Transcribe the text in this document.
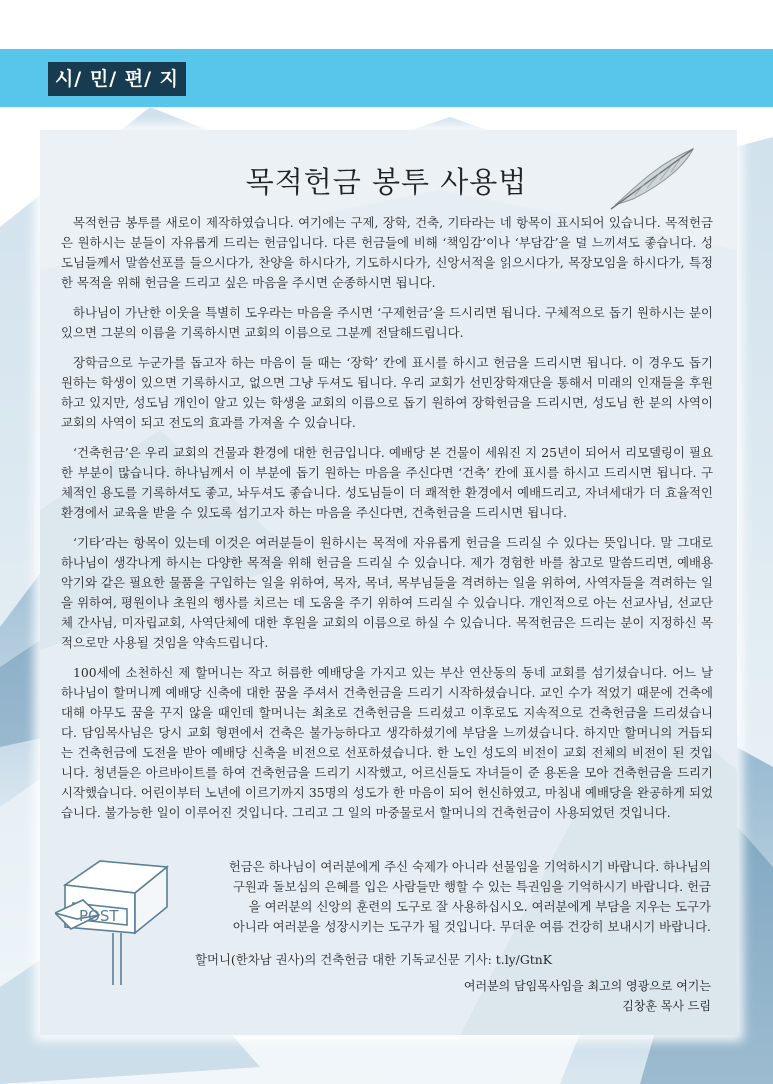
시/ 민/ 편/ 지
목적헌금 봉투 사용법

목적헌금 봉투를 새로이 제작하였습니다. 여기에는 구제, 장학, 건축, 기타라는 네 항목이 표시되어 있습니다. 목적헌금은 원하시는 분들이 자유롭게 드리는 헌금입니다. 다른 헌금들에 비해 ‘책임감’이나 ‘부담감’을 덜 느끼셔도 좋습니다. 성도님들께서 말씀선포를 들으시다가, 찬양을 하시다가, 기도하시다가, 신앙서적을 읽으시다가, 목장모임을 하시다가, 특정한 목적을 위해 헌금을 드리고 싶은 마음을 주시면 순종하시면 됩니다.

하나님이 가난한 이웃을 특별히 도우라는 마음을 주시면 ‘구제헌금’을 드시리면 됩니다. 구체적으로 돕기 원하시는 분이 있으면 그분의 이름을 기록하시면 교회의 이름으로 그분께 전달해드립니다.

장학금으로 누군가를 돕고자 하는 마음이 들 때는 ‘장학’ 칸에 표시를 하시고 헌금을 드리시면 됩니다. 이 경우도 돕기 원하는 학생이 있으면 기록하시고, 없으면 그냥 두셔도 됩니다. 우리 교회가 선민장학재단을 통해서 미래의 인재들을 후원하고 있지만, 성도님 개인이 알고 있는 학생을 교회의 이름으로 돕기 원하여 장학헌금을 드리시면, 성도님 한 분의 사역이 교회의 사역이 되고 전도의 효과를 가져올 수 있습니다.

‘건축헌금’은 우리 교회의 건물과 환경에 대한 헌금입니다. 예배당 본 건물이 세워진 지 25년이 되어서 리모델링이 필요한 부분이 많습니다. 하나님께서 이 부분에 돕기 원하는 마음을 주신다면 ‘건축’ 칸에 표시를 하시고 드리시면 됩니다. 구체적인 용도를 기록하셔도 좋고, 놔두셔도 좋습니다. 성도님들이 더 쾌적한 환경에서 예배드리고, 자녀세대가 더 효율적인 환경에서 교육을 받을 수 있도록 섬기고자 하는 마음을 주신다면, 건축헌금을 드리시면 됩니다.

‘기타’라는 항목이 있는데 이것은 여러분들이 원하시는 목적에 자유롭게 헌금을 드리실 수 있다는 뜻입니다. 말 그대로 하나님이 생각나게 하시는 다양한 목적을 위해 헌금을 드리실 수 있습니다. 제가 경험한 바를 참고로 말씀드리면, 예배용 악기와 같은 필요한 물품을 구입하는 일을 위하여, 목자, 목녀, 목부님들을 격려하는 일을 위하여, 사역자들을 격려하는 일을 위하여, 평원이나 초원의 행사를 치르는 데 도움을 주기 위하여 드리실 수 있습니다. 개인적으로 아는 선교사님, 선교단체 간사님, 미자립교회, 사역단체에 대한 후원을 교회의 이름으로 하실 수 있습니다. 목적헌금은 드리는 분이 지정하신 목적으로만 사용될 것임을 약속드립니다.

100세에 소천하신 제 할머니는 작고 허름한 예배당을 가지고 있는 부산 연산동의 동네 교회를 섬기셨습니다. 어느 날 하나님이 할머니께 예배당 신축에 대한 꿈을 주셔서 건축헌금을 드리기 시작하셨습니다. 교인 수가 적었기 때문에 건축에 대해 아무도 꿈을 꾸지 않을 때인데 할머니는 최초로 건축헌금을 드리셨고 이후로도 지속적으로 건축헌금을 드리셨습니다. 담임목사님은 당시 교회 형편에서 건축은 불가능하다고 생각하셨기에 부담을 느끼셨습니다. 하지만 할머니의 거듭되는 건축헌금에 도전을 받아 예배당 신축을 비전으로 선포하셨습니다. 한 노인 성도의 비전이 교회 전체의 비전이 된 것입니다. 청년들은 아르바이트를 하여 건축헌금을 드리기 시작했고, 어르신들도 자녀들이 준 용돈을 모아 건축헌금을 드리기 시작했습니다. 어린이부터 노년에 이르기까지 35명의 성도가 한 마음이 되어 헌신하였고, 마침내 예배당을 완공하게 되었습니다. 불가능한 일이 이루어진 것입니다. 그리고 그 일의 마중물로서 할머니의 건축헌금이 사용되었던 것입니다.

POST

헌금은 하나님이 여러분에게 주신 숙제가 아니라 선물임을 기억하시기 바랍니다. 하나님의

구원과 돌보심의 은혜를 입은 사람들만 행할 수 있는 특권임을 기억하시기 바랍니다. 헌금

을 여러분의 신앙의 훈련의 도구로 잘 사용하십시오. 여러분에게 부담을 지우는 도구가

아니라 여러분을 성장시키는 도구가 될 것입니다. 무더운 여름 건강히 보내시기 바랍니다.

할머니(한차남 권사)의 건축헌금 대한 기독교신문 기사: t.ly/GtnK
여러분의 담임목사임을 최고의 영광으로 여기는
김창훈 목사 드림
